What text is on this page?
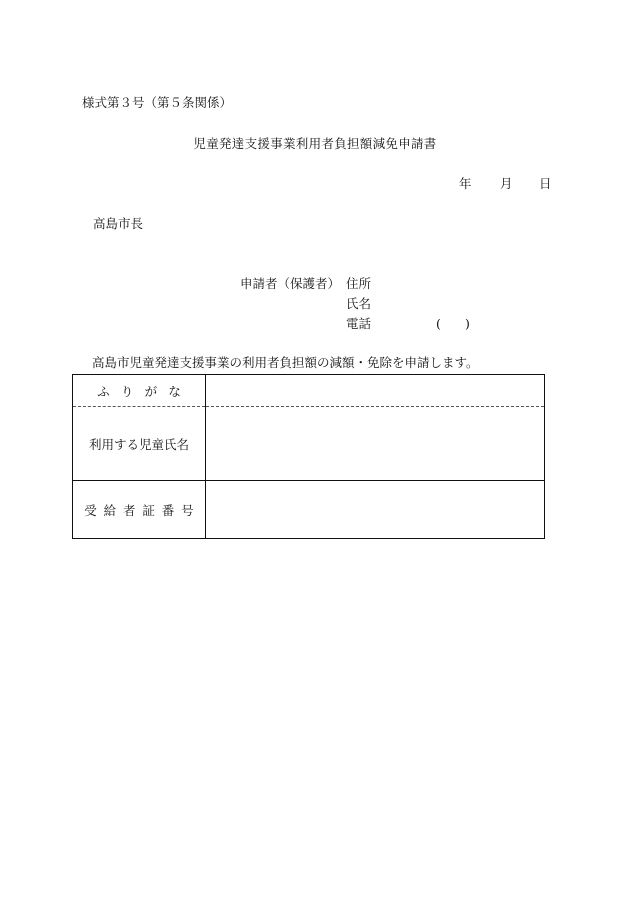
様式第３号（第５条関係）
児童発達支援事業利用者負担額減免申請書
年 月 日
高島市長
申請者（保護者） 住所
氏名
電話	( )
高島市児童発達支援事業の利用者負担額の減額・免除を申請します。
ふりがな	
利用する児童氏名	
受給者証番号	
